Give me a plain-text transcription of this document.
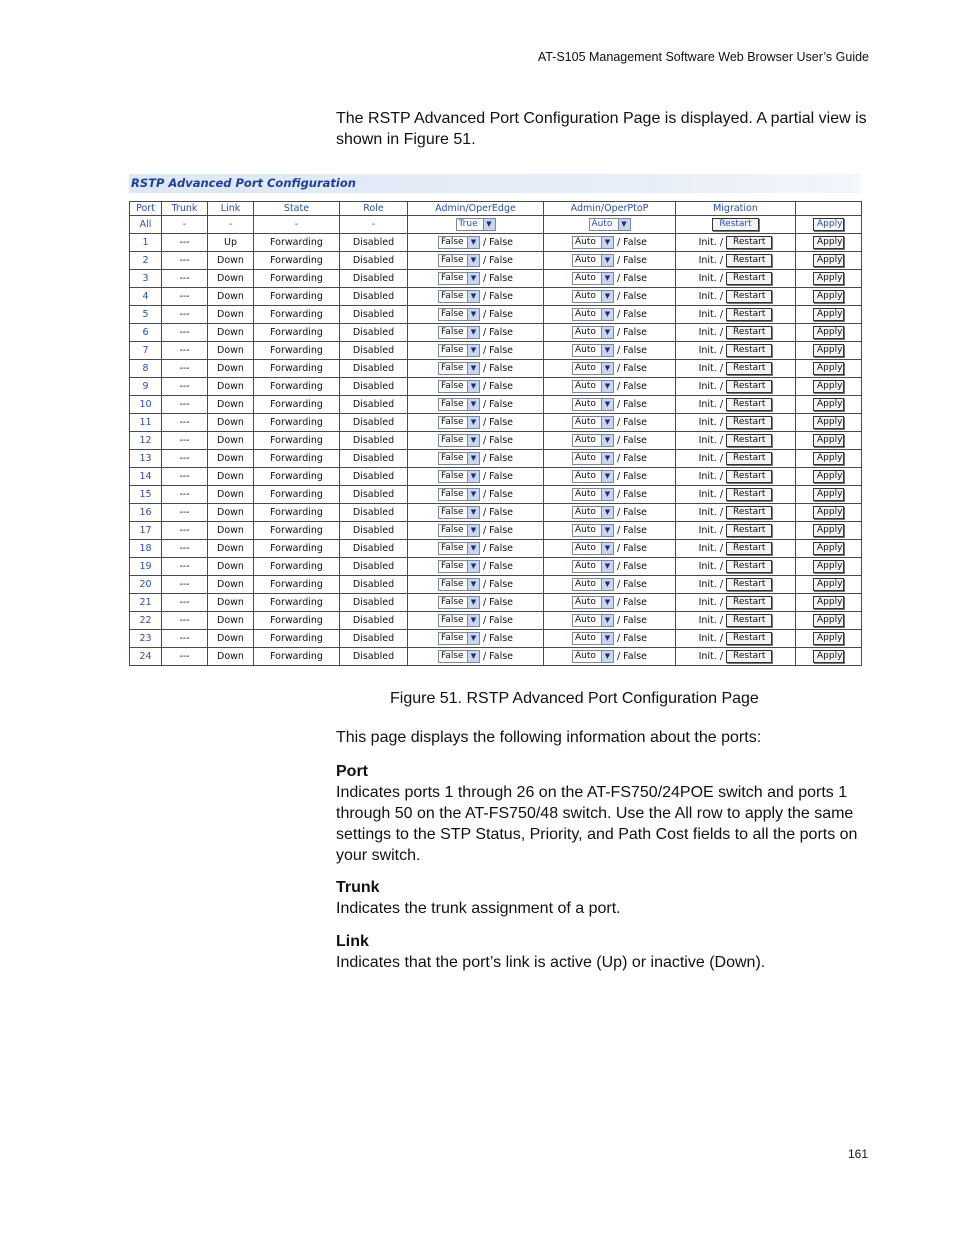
AT-S105 Management Software Web Browser User’s Guide
The RSTP Advanced Port Configuration Page is displayed. A partial view is shown in Figure 51.
RSTP Advanced Port Configuration
Port	Trunk	Link	State	Role	Admin/OperEdge	Admin/OperPtoP	Migration	
All	-	-	-	-	True ▼	Auto ▼	Restart	Apply
1	---	Up	Forwarding	Disabled	False ▼ / False	Auto ▼ / False	Init. / Restart	Apply
2	---	Down	Forwarding	Disabled	False ▼ / False	Auto ▼ / False	Init. / Restart	Apply
3	---	Down	Forwarding	Disabled	False ▼ / False	Auto ▼ / False	Init. / Restart	Apply
4	---	Down	Forwarding	Disabled	False ▼ / False	Auto ▼ / False	Init. / Restart	Apply
5	---	Down	Forwarding	Disabled	False ▼ / False	Auto ▼ / False	Init. / Restart	Apply
6	---	Down	Forwarding	Disabled	False ▼ / False	Auto ▼ / False	Init. / Restart	Apply
7	---	Down	Forwarding	Disabled	False ▼ / False	Auto ▼ / False	Init. / Restart	Apply
8	---	Down	Forwarding	Disabled	False ▼ / False	Auto ▼ / False	Init. / Restart	Apply
9	---	Down	Forwarding	Disabled	False ▼ / False	Auto ▼ / False	Init. / Restart	Apply
10	---	Down	Forwarding	Disabled	False ▼ / False	Auto ▼ / False	Init. / Restart	Apply
11	---	Down	Forwarding	Disabled	False ▼ / False	Auto ▼ / False	Init. / Restart	Apply
12	---	Down	Forwarding	Disabled	False ▼ / False	Auto ▼ / False	Init. / Restart	Apply
13	---	Down	Forwarding	Disabled	False ▼ / False	Auto ▼ / False	Init. / Restart	Apply
14	---	Down	Forwarding	Disabled	False ▼ / False	Auto ▼ / False	Init. / Restart	Apply
15	---	Down	Forwarding	Disabled	False ▼ / False	Auto ▼ / False	Init. / Restart	Apply
16	---	Down	Forwarding	Disabled	False ▼ / False	Auto ▼ / False	Init. / Restart	Apply
17	---	Down	Forwarding	Disabled	False ▼ / False	Auto ▼ / False	Init. / Restart	Apply
18	---	Down	Forwarding	Disabled	False ▼ / False	Auto ▼ / False	Init. / Restart	Apply
19	---	Down	Forwarding	Disabled	False ▼ / False	Auto ▼ / False	Init. / Restart	Apply
20	---	Down	Forwarding	Disabled	False ▼ / False	Auto ▼ / False	Init. / Restart	Apply
21	---	Down	Forwarding	Disabled	False ▼ / False	Auto ▼ / False	Init. / Restart	Apply
22	---	Down	Forwarding	Disabled	False ▼ / False	Auto ▼ / False	Init. / Restart	Apply
23	---	Down	Forwarding	Disabled	False ▼ / False	Auto ▼ / False	Init. / Restart	Apply
24	---	Down	Forwarding	Disabled	False ▼ / False	Auto ▼ / False	Init. / Restart	Apply
Figure 51. RSTP Advanced Port Configuration Page
This page displays the following information about the ports:
Port
Indicates ports 1 through 26 on the AT-FS750/24POE switch and ports 1 through 50 on the AT-FS750/48 switch. Use the All row to apply the same settings to the STP Status, Priority, and Path Cost fields to all the ports on your switch.
Trunk
Indicates the trunk assignment of a port.
Link
Indicates that the port’s link is active (Up) or inactive (Down).
161
